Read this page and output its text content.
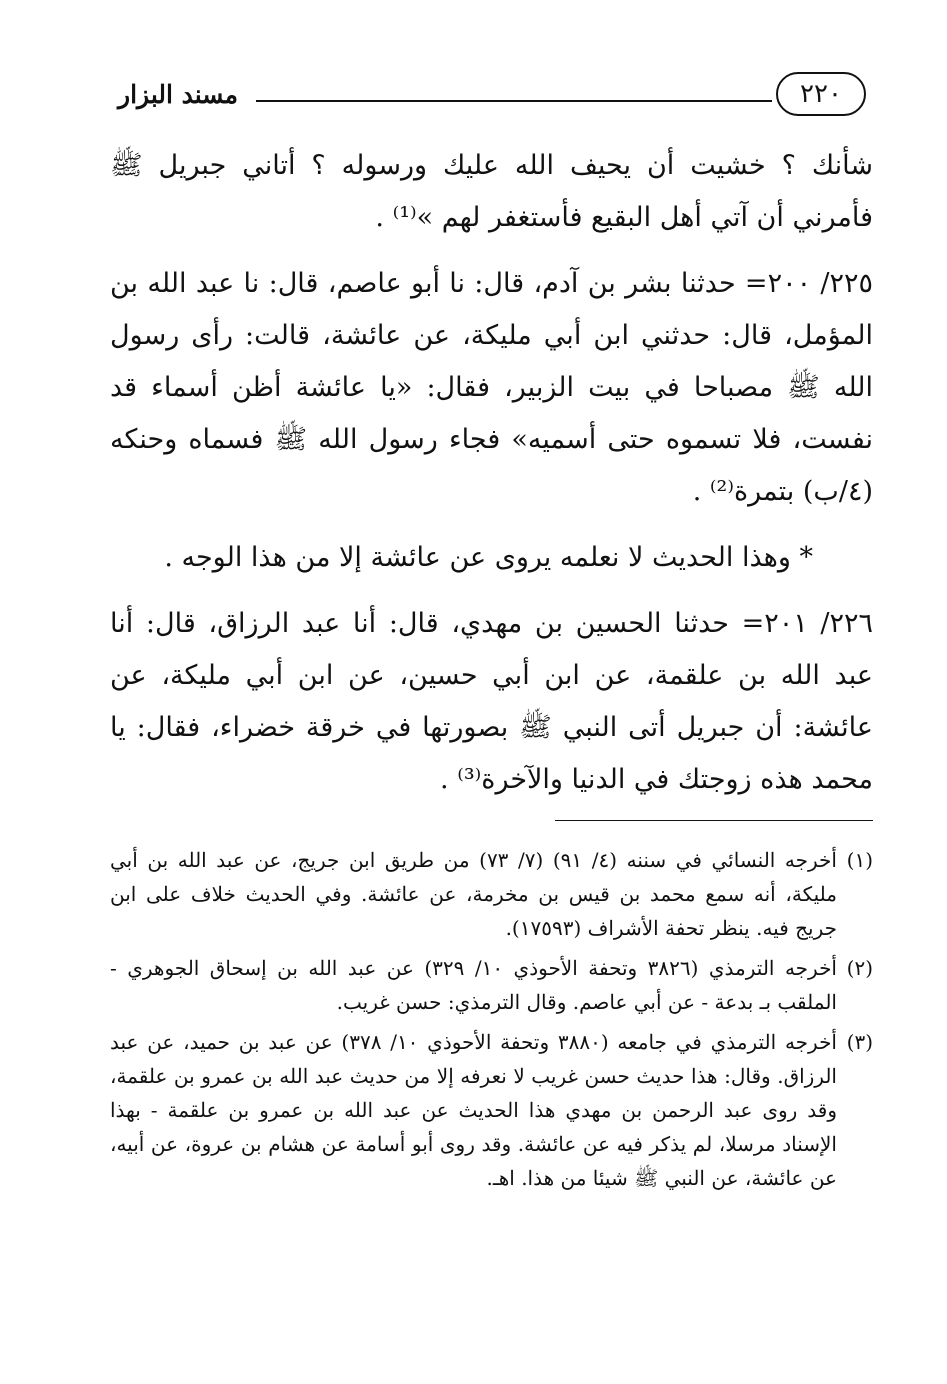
مسند البزار	٢٢٠

شأنك ؟ خشيت أن يحيف الله عليك ورسوله ؟ أتاني جبريل ﷺ فأمرني أن آتي أهل البقيع فأستغفر لهم »⁽¹⁾ .

٢٢٥/ ٢٠٠= حدثنا بشر بن آدم، قال: نا أبو عاصم، قال: نا عبد الله بن المؤمل، قال: حدثني ابن أبي مليكة، عن عائشة، قالت: رأى رسول الله ﷺ مصباحا في بيت الزبير، فقال: «يا عائشة أظن أسماء قد نفست، فلا تسموه حتى أسميه» فجاء رسول الله ﷺ فسماه وحنكه (٤/ب) بتمرة⁽²⁾ .

* وهذا الحديث لا نعلمه يروى عن عائشة إلا من هذا الوجه .

٢٢٦/ ٢٠١= حدثنا الحسين بن مهدي، قال: أنا عبد الرزاق، قال: أنا عبد الله بن علقمة، عن ابن أبي حسين، عن ابن أبي مليكة، عن عائشة: أن جبريل أتى النبي ﷺ بصورتها في خرقة خضراء، فقال: يا محمد هذه زوجتك في الدنيا والآخرة⁽³⁾ .

(١)
أخرجه النسائي في سننه (٤/ ٩١) (٧/ ٧٣) من طريق ابن جريج، عن عبد الله بن أبي مليكة، أنه سمع محمد بن قيس بن مخرمة، عن عائشة. وفي الحديث خلاف على ابن جريج فيه. ينظر تحفة الأشراف (١٧٥٩٣).
(٢)
أخرجه الترمذي (٣٨٢٦ وتحفة الأحوذي ١٠/ ٣٢٩) عن عبد الله بن إسحاق الجوهري - الملقب بـ بدعة - عن أبي عاصم. وقال الترمذي: حسن غريب.
(٣)
أخرجه الترمذي في جامعه (٣٨٨٠ وتحفة الأحوذي ١٠/ ٣٧٨) عن عبد بن حميد، عن عبد الرزاق. وقال: هذا حديث حسن غريب لا نعرفه إلا من حديث عبد الله بن عمرو بن علقمة، وقد روى عبد الرحمن بن مهدي هذا الحديث عن عبد الله بن عمرو بن علقمة - بهذا الإسناد مرسلا، لم يذكر فيه عن عائشة. وقد روى أبو أسامة عن هشام بن عروة، عن أبيه، عن عائشة، عن النبي ﷺ شيئا من هذا. اهـ.
